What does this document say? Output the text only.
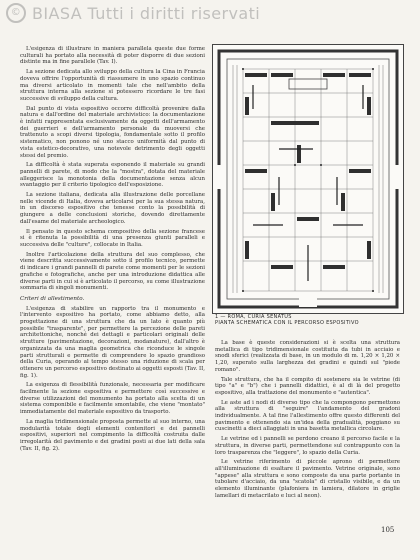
© BIASA Tutti i diritti riservati

L'esigenza di illustrare in maniera parallela queste due forme culturali ha portato alla necessità di poter disporre di due sezioni distinte ma in fine parallele (Tav. I).

La sezione dedicata allo sviluppo della cultura la Cina in Francia doveva offrire l'opportunità di riassumere in uno spazio continuo ma diversi articolato in momenti tale che nell'ambito della struttura interna alla sezione si potessero ricordare le tre fasi successive di sviluppo della cultura.

Dal punto di vista espositivo occorre difficoltà provenire dalla natura e dall'ordine del materiale archivistico: la documentazione è infatti rappresentata esclusivamente da oggetti dell'armamento dei guerrieri e dell'armamento personale da muoversi che trattenuto a scopi diversi tipologia, fondamentale sotto il profilo sistematico, non ponono né uno stacco uniformità dal punto di vista estetico-decorativo, una notevole detrimento degli oggetti stessi del premio.

La difficoltà è stata superata esponendo il materiale su grandi pannelli di parete, di modo che la "mostra", dotata del materiale alleggerisce la monotonia della documentazione senza alcun svantaggio per il criterio tipologico dell'esposizione.

La sezione italiana, dedicata alla illustrazione delle porcellane nelle vicende di Italia, doveva articolarsi per la sua stessa natura, in un discorso espositivo che tenesse conto la possibilità di giungere a delle conclusioni storiche, dovendo direttamente dall'esame del materiale archeologico.

Il pensato in questo schema compositivo della sezione francese si è ritenuta la possibilità di una presenza giunti paralleli e successiva delle "culture", collocate in Italia.

Inoltre l'articolazione della struttura del suo complesso, che viene descritta successivamente sotto il profilo tecnico, permette di indicare i grandi pannelli di parete come momenti per le sezioni grafiche e fotografiche, anche per una introduzione didattica alle diverse parti in cui si è articolato il percorso, su come illustrazione sommaria di singoli monumenti.

Criteri di allestimento.

L'esigenza di stabilire un rapporto tra il monumento e l'intervento espositivo ha portato, come abbiamo detto, alla progettazione di una struttura che da un lato è quanto più possibile "trasparente", per permettere la percezione delle pareti architettoniche, nonché dei dettagli e particolari originali delle strutture (pavimentazione, decorazioni, modanature), dall'altro è organizzata da una maglia geometrica che riconduce le singole parti strutturali e permette di comprendere lo spazio grandioso della Curia, operando al tempo stesso una riduzione di scala per ottenere un percorso espositivo destinato ai oggetti esposti (Tav. II, fig. 1).

La esigenza di flessibilità funzionale, necessaria per modificare facilmente la sezione espositiva e permettere così successive e diverse utilizzazioni del monumento ha portato alla scelta di un sistema componibile e facilmente smontabile, che viene "montato" immediatamente del materiale espositivo da trasporto.

La maglia tridimensionale proposta permette al suo interno, una modularità totale degli elementi contenitori e dei pannelli espositivi, superiori nel compimento la difficoltà costruita dalle irregolarità del pavimento e dei gradini posti ai due lati della sala (Tav. II, fig. 2).

1 — ROMA, CURIA SENATUS
PIANTA SCHEMATICA CON IL PERCORSO ESPOSITIVO

La base è queste considerazioni si è scelta una struttura metallica di tipo tridimensionale costituita da tubi in acciaio e snodi sferici (realizzata di base, in un modulo di m. 1,20 × 1,20 × 1,20, superato sulla larghezza dei gradini e quindi sul "piede romano".

Tale struttura, che ha il compito di sostenere sia le vetrine (di tipo "a" e "b") che i pannelli didattici, è al di là del progetto espositivo, alla trattazione del monumento e "autentica".

Le aste ad i nodi di diverso tipo che la compongono permettono alla struttura di "seguire" l'andamento del gradoni individualmente. A tal fine l'allestimento offre questo differenti del pavimento e ottenendo sia un'idea della gradualità, poggiano su cuscinetti a dieci allaggiati in una basetta metallica circolare.

Le vetrine ed i pannelli se perdono creano il percorso facile e la struttura, in diverse parti, permettendone sul contrappunto con la loro trasparenza che "leggere", lo spazio della Curia.

Le vetrine riferimento di piccole aprono di permettere all'illuminazione di esaltare il pavimento. Vetrine originale, sono "appese" alla struttura e sono composte da una parte portante in tubolare d'acciaio, da una "scatola" di cristallo visibile, e da un elemento illuminante (plafoniera in lamiera, dilatore in griglie lamellari di metacrilato e luci al neon).

105
